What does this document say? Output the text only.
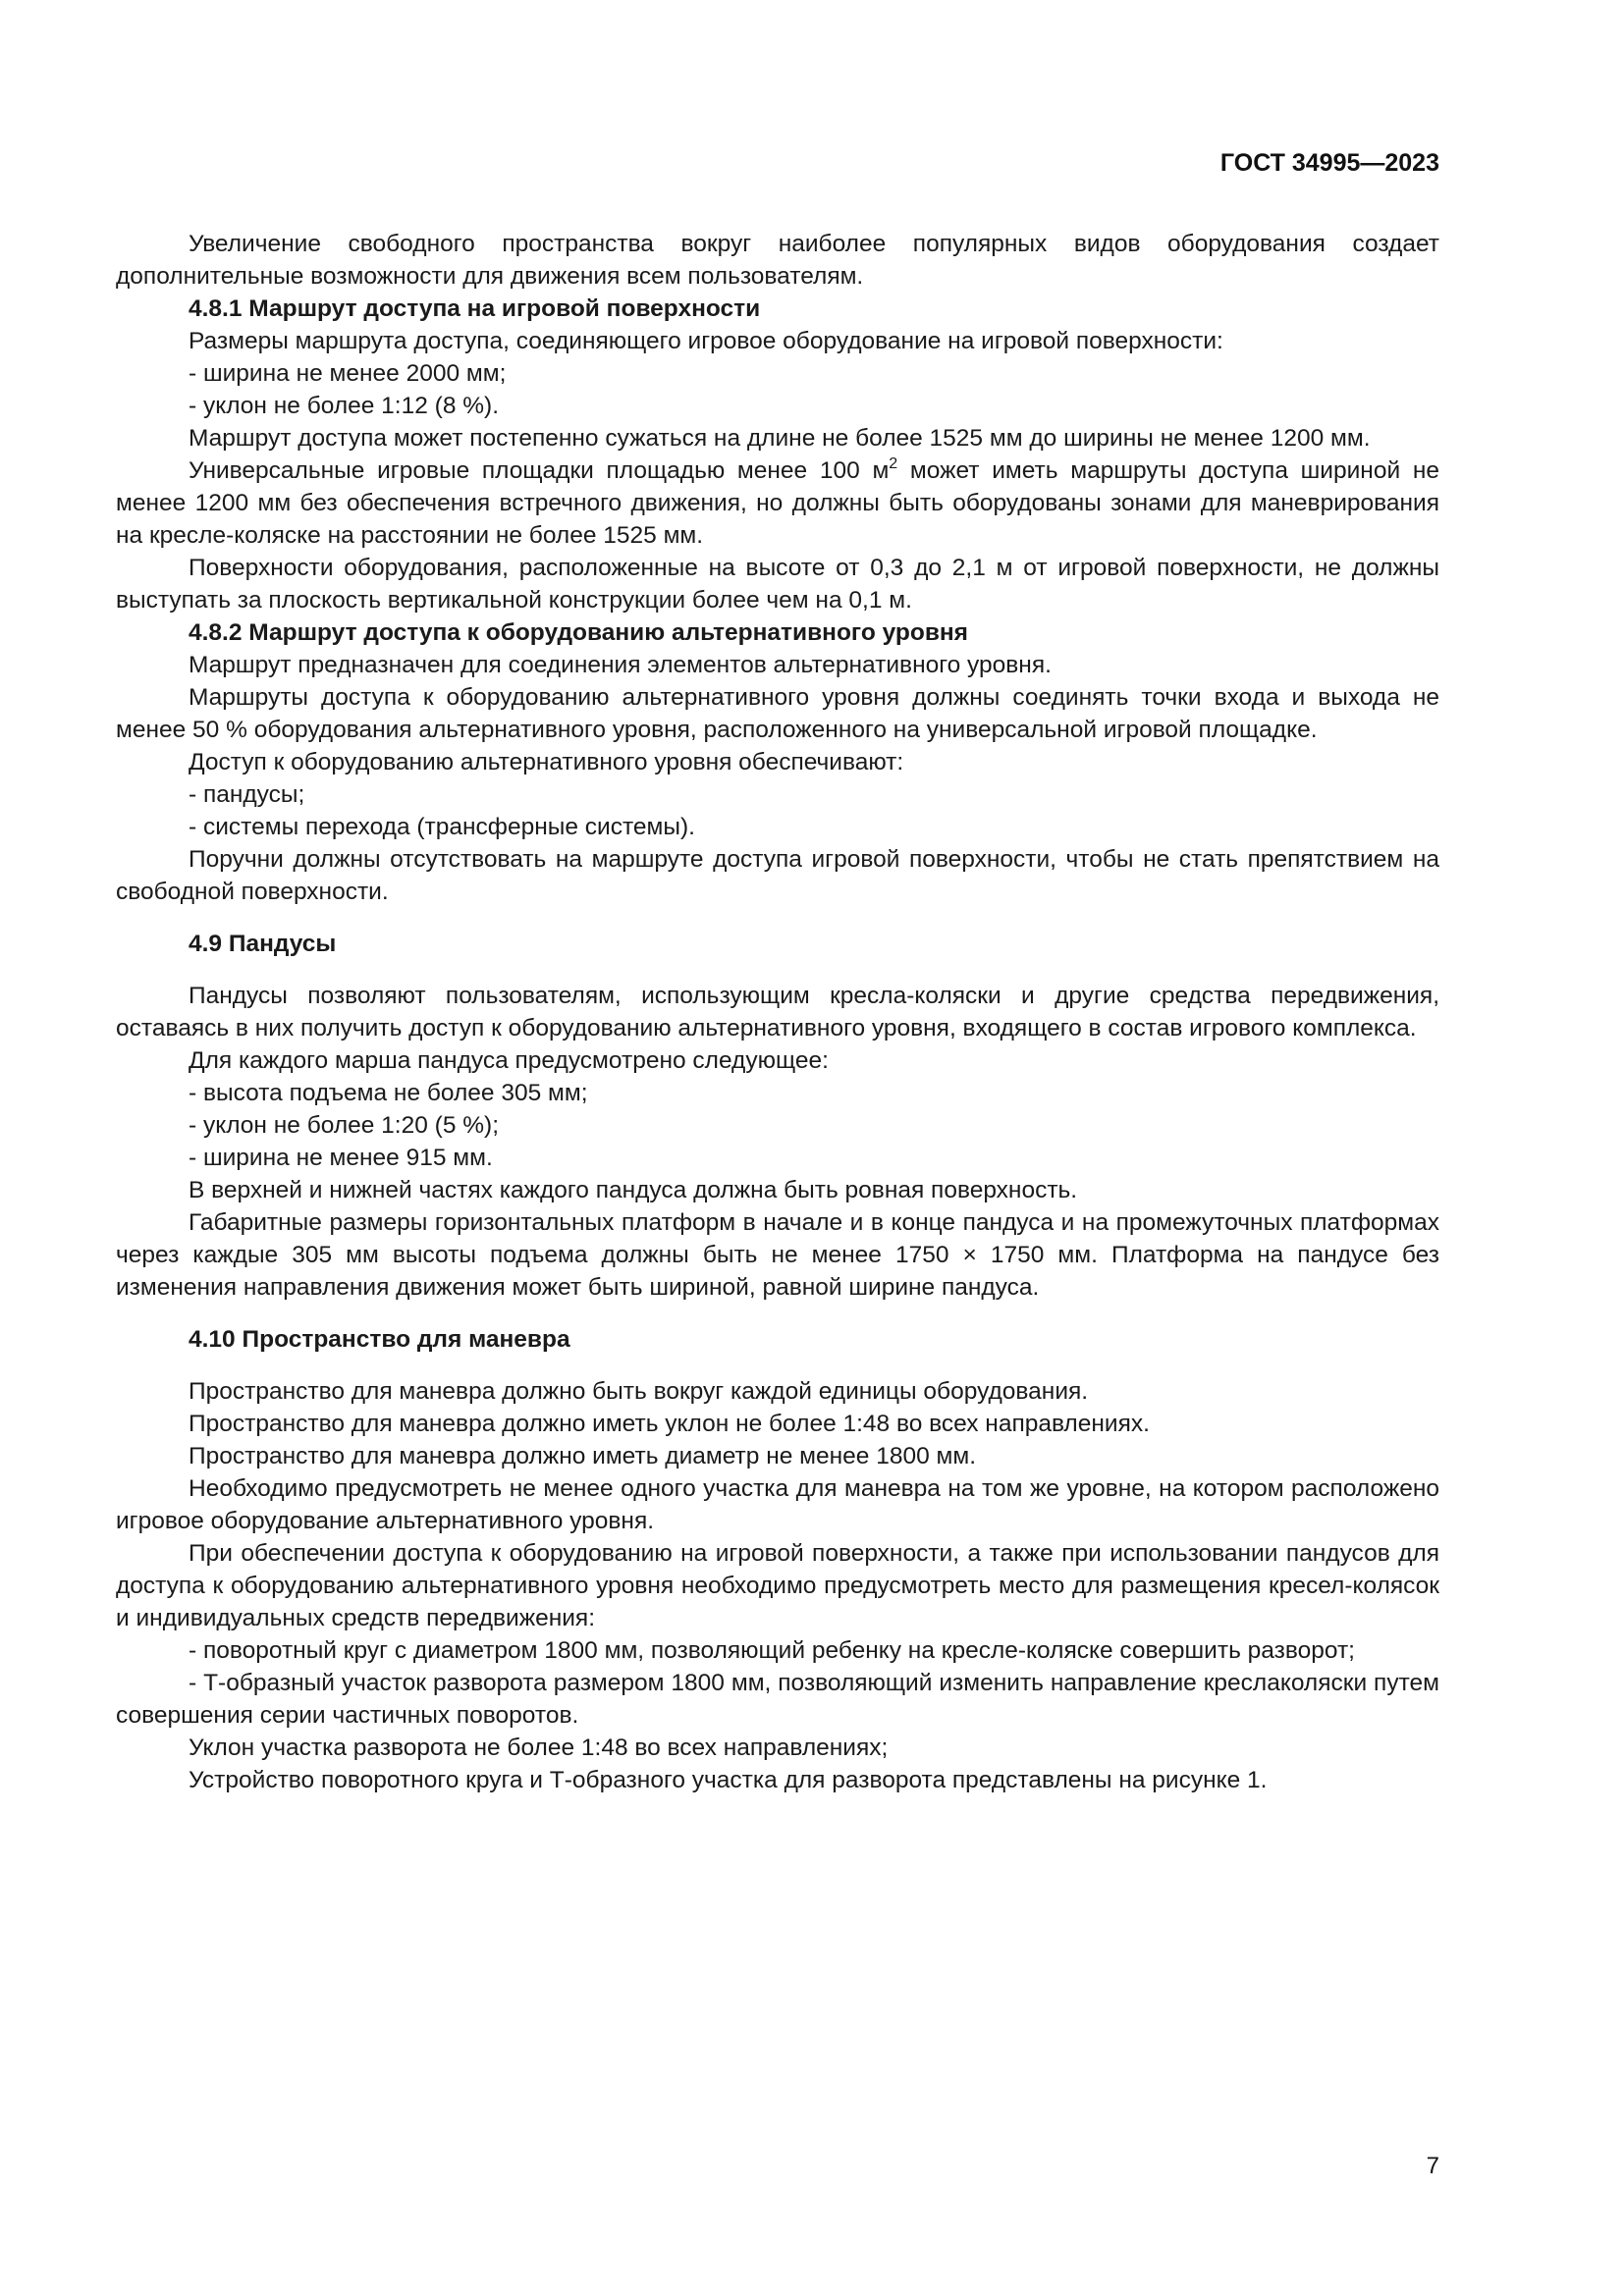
ГОСТ 34995—2023

Увеличение свободного пространства вокруг наиболее популярных видов оборудования создает дополнительные возможности для движения всем пользователям.

4.8.1 Маршрут доступа на игровой поверхности

Размеры маршрута доступа, соединяющего игровое оборудование на игровой поверхности:

- ширина не менее 2000 мм;

- уклон не более 1:12 (8 %).

Маршрут доступа может постепенно сужаться на длине не более 1525 мм до ширины не менее 1200 мм.

Универсальные игровые площадки площадью менее 100 $м^2$ может иметь маршруты доступа шириной не менее 1200 мм без обеспечения встречного движения, но должны быть оборудованы зонами для маневрирования на кресле-коляске на расстоянии не более 1525 мм.

Поверхности оборудования, расположенные на высоте от 0,3 до 2,1 м от игровой поверхности, не должны выступать за плоскость вертикальной конструкции более чем на 0,1 м.

4.8.2 Маршрут доступа к оборудованию альтернативного уровня

Маршрут предназначен для соединения элементов альтернативного уровня.

Маршруты доступа к оборудованию альтернативного уровня должны соединять точки входа и выхода не менее 50 % оборудования альтернативного уровня, расположенного на универсальной игровой площадке.

Доступ к оборудованию альтернативного уровня обеспечивают:

- пандусы;

- системы перехода (трансферные системы).

Поручни должны отсутствовать на маршруте доступа игровой поверхности, чтобы не стать препятствием на свободной поверхности.

4.9 Пандусы

Пандусы позволяют пользователям, использующим кресла-коляски и другие средства передвижения, оставаясь в них получить доступ к оборудованию альтернативного уровня, входящего в состав игрового комплекса.

Для каждого марша пандуса предусмотрено следующее:

- высота подъема не более 305 мм;

- уклон не более 1:20 (5 %);

- ширина не менее 915 мм.

В верхней и нижней частях каждого пандуса должна быть ровная поверхность.

Габаритные размеры горизонтальных платформ в начале и в конце пандуса и на промежуточных платформах через каждые 305 мм высоты подъема должны быть не менее 1750 × 1750 мм. Платформа на пандусе без изменения направления движения может быть шириной, равной ширине пандуса.

4.10 Пространство для маневра

Пространство для маневра должно быть вокруг каждой единицы оборудования.

Пространство для маневра должно иметь уклон не более 1:48 во всех направлениях.

Пространство для маневра должно иметь диаметр не менее 1800 мм.

Необходимо предусмотреть не менее одного участка для маневра на том же уровне, на котором расположено игровое оборудование альтернативного уровня.

При обеспечении доступа к оборудованию на игровой поверхности, а также при использовании пандусов для доступа к оборудованию альтернативного уровня необходимо предусмотреть место для размещения кресел-колясок и индивидуальных средств передвижения:

- поворотный круг с диаметром 1800 мм, позволяющий ребенку на кресле-коляске совершить разворот;

- Т-образный участок разворота размером 1800 мм, позволяющий изменить направление креслаколяски путем совершения серии частичных поворотов.

Уклон участка разворота не более 1:48 во всех направлениях;

Устройство поворотного круга и Т-образного участка для разворота представлены на рисунке 1.

7
